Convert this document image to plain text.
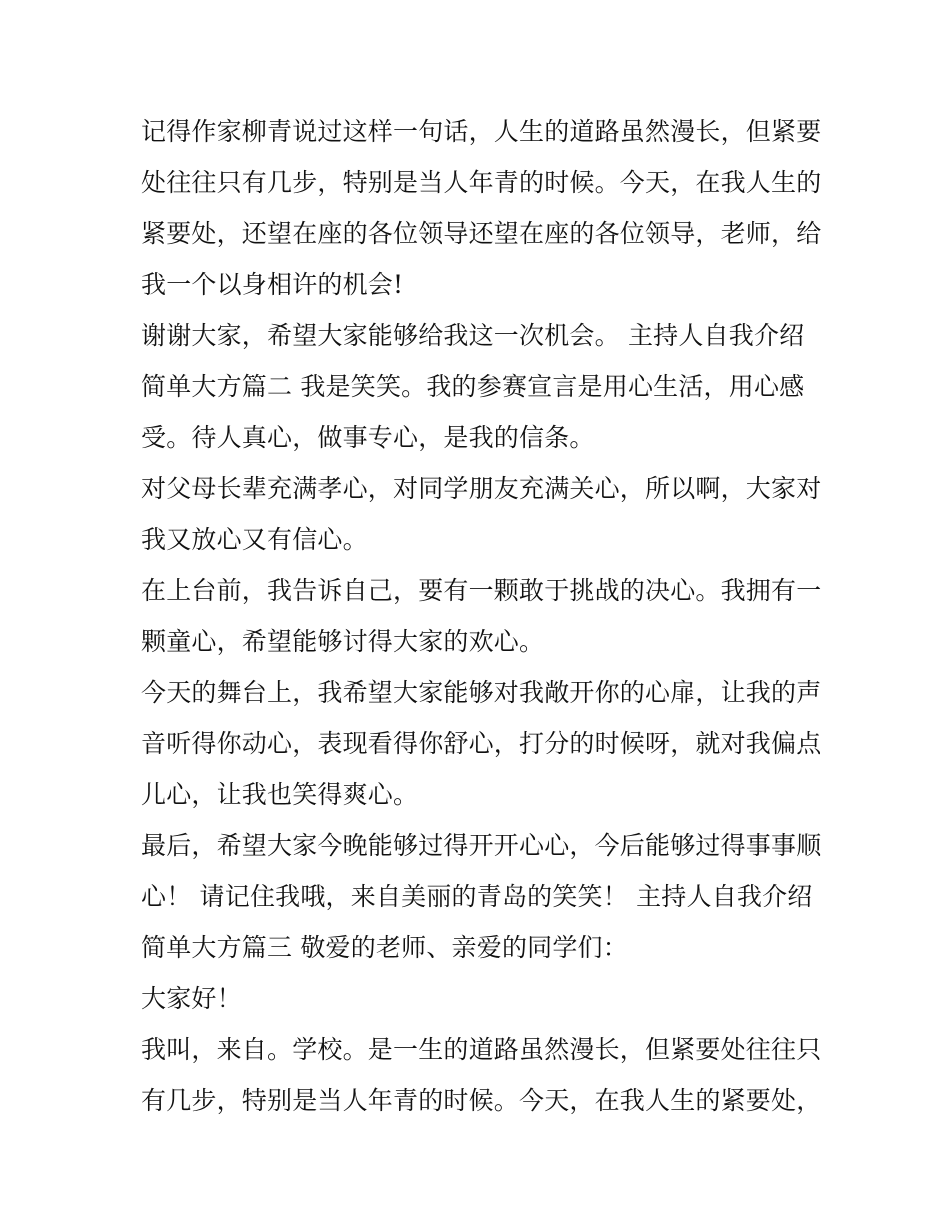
记得作家柳青说过这样一句话，人生的道路虽然漫长，但紧要
处往往只有几步，特别是当人年青的时候。今天，在我人生的
紧要处，还望在座的各位领导还望在座的各位领导，老师，给
我一个以身相许的机会!
谢谢大家，希望大家能够给我这一次机会。 主持人自我介绍
简单大方篇二 我是笑笑。我的参赛宣言是用心生活，用心感
受。待人真心，做事专心，是我的信条。
对父母长辈充满孝心，对同学朋友充满关心，所以啊，大家对
我又放心又有信心。
在上台前，我告诉自己，要有一颗敢于挑战的决心。我拥有一
颗童心，希望能够讨得大家的欢心。
今天的舞台上，我希望大家能够对我敞开你的心扉，让我的声
音听得你动心，表现看得你舒心，打分的时候呀，就对我偏点
儿心，让我也笑得爽心。
最后，希望大家今晚能够过得开开心心，今后能够过得事事顺
心！ 请记住我哦，来自美丽的青岛的笑笑！ 主持人自我介绍
简单大方篇三 敬爱的老师、亲爱的同学们：
大家好！
我叫，来自。学校。是一生的道路虽然漫长，但紧要处往往只
有几步，特别是当人年青的时候。今天，在我人生的紧要处，
